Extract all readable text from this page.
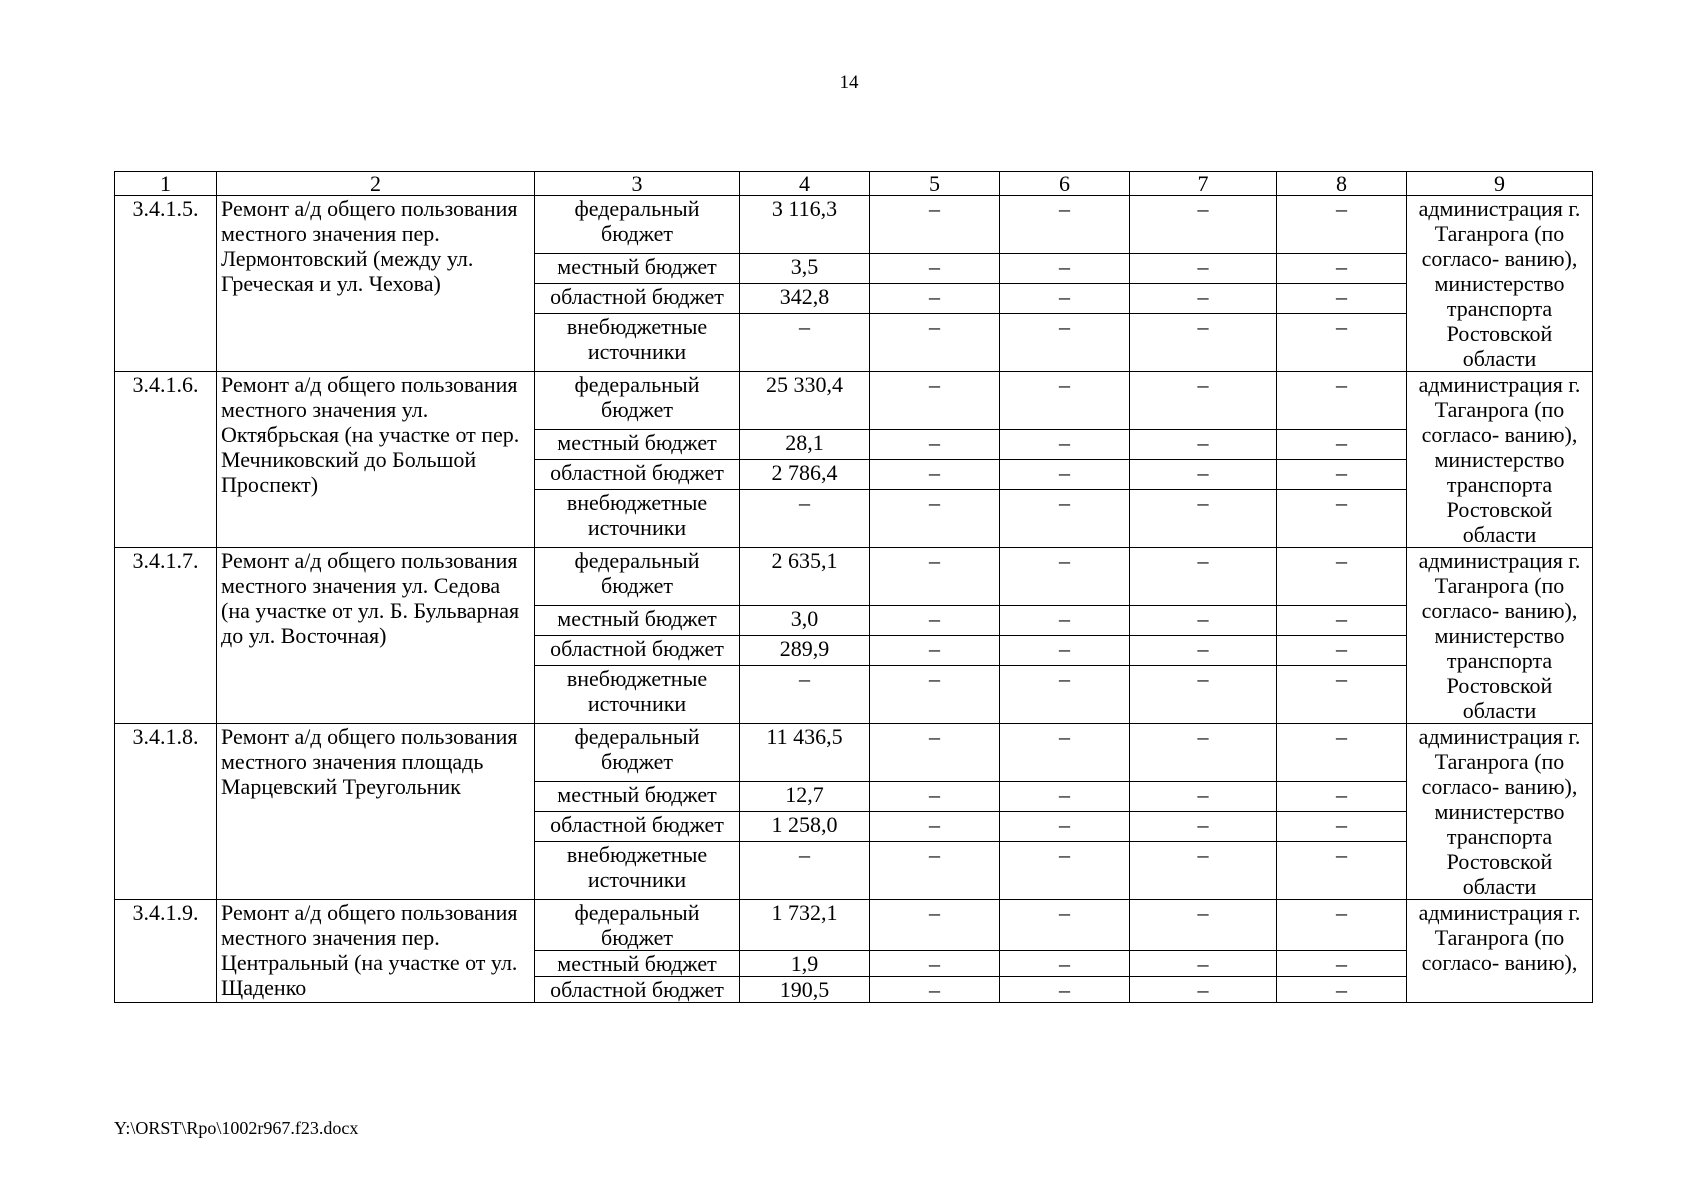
14
1	2	3	4	5	6	7	8	9
3.4.1.5.	Ремонт а/д общего пользования местного значения пер. Лермонтовский (между ул. Греческая и ул. Чехова)	федеральный бюджет	3 116,3	–	–	–	–	администрация г. Таганрога (по согласо- ванию), министерство транспорта Ростовской области
		местный бюджет	3,5	–	–	–	–	
		областной бюджет	342,8	–	–	–	–	
		внебюджетные источники	–	–	–	–	–	
3.4.1.6.	Ремонт а/д общего пользования местного значения ул. Октябрьская (на участке от пер. Мечниковский до Большой Проспект)	федеральный бюджет	25 330,4	–	–	–	–	администрация г. Таганрога (по согласо- ванию), министерство транспорта Ростовской области
		местный бюджет	28,1	–	–	–	–	
		областной бюджет	2 786,4	–	–	–	–	
		внебюджетные источники	–	–	–	–	–	
3.4.1.7.	Ремонт а/д общего пользования местного значения ул. Седова (на участке от ул. Б. Бульварная до ул. Восточная)	федеральный бюджет	2 635,1	–	–	–	–	администрация г. Таганрога (по согласо- ванию), министерство транспорта Ростовской области
		местный бюджет	3,0	–	–	–	–	
		областной бюджет	289,9	–	–	–	–	
		внебюджетные источники	–	–	–	–	–	
3.4.1.8.	Ремонт а/д общего пользования местного значения площадь Марцевский Треугольник	федеральный бюджет	11 436,5	–	–	–	–	администрация г. Таганрога (по согласо- ванию), министерство транспорта Ростовской области
		местный бюджет	12,7	–	–	–	–	
		областной бюджет	1 258,0	–	–	–	–	
		внебюджетные источники	–	–	–	–	–	
3.4.1.9.	Ремонт а/д общего пользования местного значения пер. Центральный (на участке от ул. Щаденко	федеральный бюджет	1 732,1	–	–	–	–	администрация г. Таганрога (по согласо- ванию),
		местный бюджет	1,9	–	–	–	–	
		областной бюджет	190,5	–	–	–	–	
Y:\ORST\Rpo\1002r967.f23.docx
